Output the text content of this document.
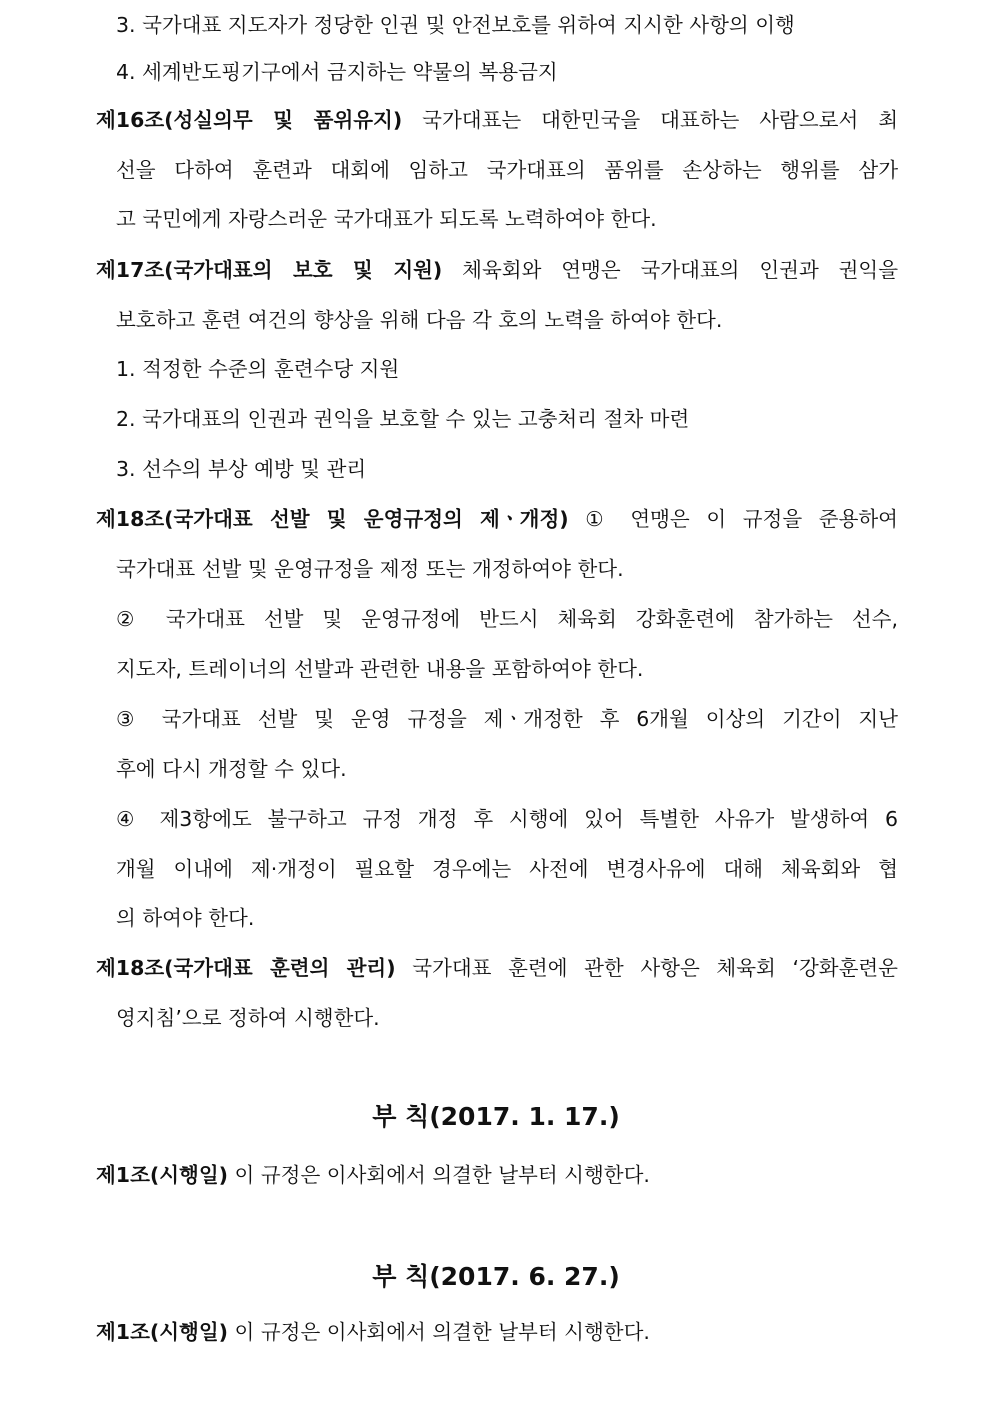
3. 국가대표 지도자가 정당한 인권 및 안전보호를 위하여 지시한 사항의 이행
4. 세계반도핑기구에서 금지하는 약물의 복용금지
제16조(성실의무 및 품위유지) 국가대표는 대한민국을 대표하는 사람으로서 최
선을 다하여 훈련과 대회에 임하고 국가대표의 품위를 손상하는 행위를 삼가
고 국민에게 자랑스러운 국가대표가 되도록 노력하여야 한다.
제17조(국가대표의 보호 및 지원) 체육회와 연맹은 국가대표의 인권과 권익을
보호하고 훈련 여건의 향상을 위해 다음 각 호의 노력을 하여야 한다.
1. 적정한 수준의 훈련수당 지원
2. 국가대표의 인권과 권익을 보호할 수 있는 고충처리 절차 마련
3. 선수의 부상 예방 및 관리
제18조(국가대표 선발 및 운영규정의 제ㆍ개정) ① 연맹은 이 규정을 준용하여
국가대표 선발 및 운영규정을 제정 또는 개정하여야 한다.
② 국가대표 선발 및 운영규정에 반드시 체육회 강화훈련에 참가하는 선수,
지도자, 트레이너의 선발과 관련한 내용을 포함하여야 한다.
③ 국가대표 선발 및 운영 규정을 제ㆍ개정한 후 6개월 이상의 기간이 지난
후에 다시 개정할 수 있다.
④ 제3항에도 불구하고 규정 개정 후 시행에 있어 특별한 사유가 발생하여 6
개월 이내에 제·개정이 필요할 경우에는 사전에 변경사유에 대해 체육회와 협
의 하여야 한다.
제18조(국가대표 훈련의 관리) 국가대표 훈련에 관한 사항은 체육회 ‘강화훈련운
영지침’으로 정하여 시행한다.
부 칙(2017. 1. 17.)
제1조(시행일) 이 규정은 이사회에서 의결한 날부터 시행한다.
부 칙(2017. 6. 27.)
제1조(시행일) 이 규정은 이사회에서 의결한 날부터 시행한다.
